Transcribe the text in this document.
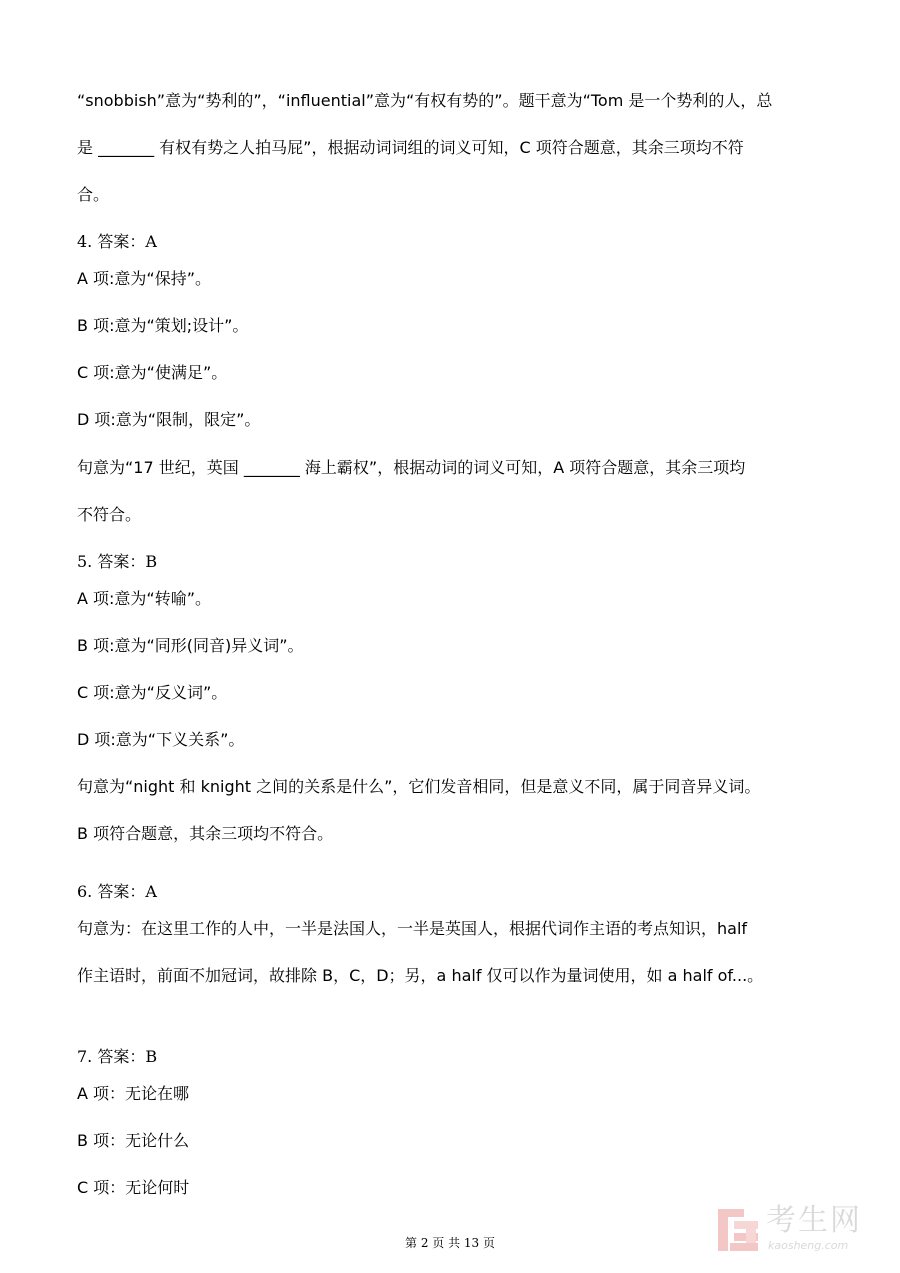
“snobbish”意为“势利的”，“influential”意为“有权有势的”。题干意为“Tom 是一个势利的人，总
是 _______ 有权有势之人拍马屁”，根据动词词组的词义可知，C 项符合题意，其余三项均不符
合。
4. 答案：A
A 项:意为“保持”。
B 项:意为“策划;设计”。
C 项:意为“使满足”。
D 项:意为“限制，限定”。
句意为“17 世纪，英国 _______ 海上霸权”，根据动词的词义可知，A 项符合题意，其余三项均
不符合。
5. 答案：B
A 项:意为“转喻”。
B 项:意为“同形(同音)异义词”。
C 项:意为“反义词”。
D 项:意为“下义关系”。
句意为“night 和 knight 之间的关系是什么”，它们发音相同，但是意义不同，属于同音异义词。
B 项符合题意，其余三项均不符合。
6. 答案：A
句意为：在这里工作的人中，一半是法国人，一半是英国人，根据代词作主语的考点知识，half
作主语时，前面不加冠词，故排除 B，C，D；另，a half 仅可以作为量词使用，如 a half of...。
7. 答案：B
A 项：无论在哪
B 项：无论什么
C 项：无论何时
第 2 页 共 13 页
考生网
kaosheng.com
